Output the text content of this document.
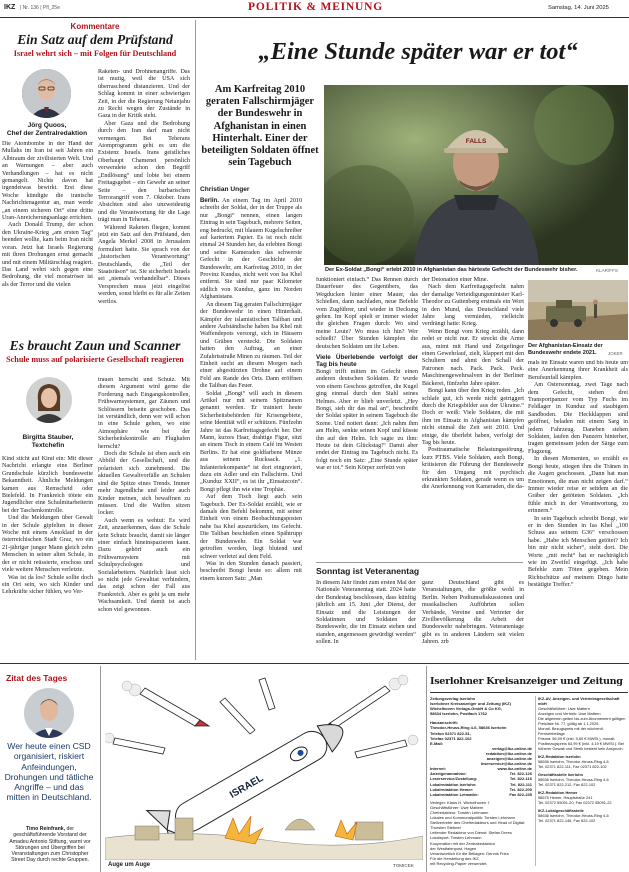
IKZ | Nr. 136 | Pfl_25e	POLITIK & MEINUNG	Samstag, 14. Juni 2025
Kommentare
Ein Satz auf dem Prüfstand
Israel wehrt sich – mit Folgen für Deutschland
Jörg Quoos,
Chef der Zentralredaktion

Die Atombombe in der Hand der Mullahs im Iran ist seit Jahren ein Albtraum der zivilisierten Welt. Und an Warnungen – aber auch Verhandlungen – hat es nicht gemangelt. Nichts davon hat irgendetwas bewirkt. Erst diese Woche kündigte die iranische Nachrichtenagentur an, man werde „an einem sicheren Ort“ eine dritte Uran-Anreicherungsanlage errichten.

Auch Donald Trump, der schon den Ukraine-Krieg „am ersten Tag“ beenden wollte, kam beim Iran nicht voran. Jetzt hat Israels Regierung mit ihren Drohungen ernst gemacht und mit einem Militärschlag reagiert. Das Land wehrt sich gegen eine Bedrohung, die viel monströser ist als der Terror und die vielen

Raketen- und Drohnenangriffe. Das ist mutig, weil die USA sich überraschend distanzieren. Und der Schlag kommt in einer schwierigen Zeit, in der die Regierung Netanjahu zu Recht wegen der Zustände in Gaza in der Kritik steht.

Aber Gaza und die Bedrohung durch den Iran darf man nicht vermengen. Bei Teherans Atomprogramm geht es um die Existenz Israels. Irans geistliches Oberhaupt Chamenei persönlich verwendete schon den Begriff „Endlösung“ und lobte bei einem Freitagsgebet – ein Gewehr an seiner Seite – den barbarischen Terrorangriff vom 7. Oktober. Irans Absichten sind also unzweideutig und die Verantwortung für die Lage trägt man in Teheran.

Während Raketen fliegen, kommt jetzt ein Satz auf den Prüfstand, den Angela Merkel 2008 in Jerusalem formuliert hatte. Sie sprach von der „historischen Verantwortung“ Deutschlands, die „Teil der Staatsräson“ ist. Sie sicherheit Israels sei „niemals verhandelbar“. Dieses Versprechen muss jetzt eingelöst werden, sonst bleibt es für alle Zeiten wertlos.

Es braucht Zaun und Scanner
Schule muss auf polarisierte Gesellschaft reagieren
Birgitta Stauber,
Textchefin

Kind sticht auf Kind ein: Mit dieser Nachricht erlangte eine Berliner Grundschule kürzlich bundesweite Bekanntheit. Ähnliche Meldungen kamen aus Remscheid oder Bielefeld. In Frankreich tötete ein Jugendlicher eine Schulmitarbeiterin bei der Taschenkontrolle.

Und die Meldungen über Gewalt in der Schule gipfelten in dieser Woche mit einem Amoklauf in der österreichischen Stadt Graz, wo ein 21-jähriger junger Mann gleich zehn Menschen in seiner alten Schule, in der er nicht reüssierte, erschoss und viele weitere Menschen verletzte.

Was ist da los? Schule sollte doch ein Ort sein, wo sich Kinder und Lehrkräfte sicher fühlen, wo Ver-

trauen herrscht und Schutz. Mit diesem Argument wird gerne die Forderung nach Eingangskontrollen, Frühwarnsystemen, gar Zäunen und Schlössern beiseite geschoben. Das ist verständlich, denn wer will schon in eine Schule gehen, wo eine Atmosphäre wie bei der Sicherheitskontrolle am Flughafen herrscht?

Doch die Schule ist eben auch ein Abbild der Gesellschaft, und die polarisiert sich zunehmend. Die aktuellen Gewaltvorfälle an Schulen sind die Spitze eines Trends. Immer mehr Jugendliche und leider auch Kinder meinen, sich bewaffnen zu müssen. Und die Waffen sitzen locker.

Auch wenn es wehtut: Es wird Zeit, anzuerkennen, dass die Schule kein Schutz braucht, damit sie länger einer einfach hineinspazieren kann. Dazu gehört auch ein Frühwarnsystem mit Schulpsychologen und Sozialarbeitern. Natürlich lässt sich so nicht jede Gewalttat verhindern, das zeigt schon der Fall aus Frankreich. Aber es geht ja um mehr Wachsamkeit. Und damit ist auch schon viel gewonnen.

„Eine Stunde später war er tot“
Am Karfreitag 2010 geraten Fallschirmjäger der Bundeswehr in Afghanistan in einen Hinterhalt. Einer der beteiligten Soldaten öffnet sein Tagebuch
Christian Unger
FALLS
Der Ex-Soldat „Bongi“ erlebt 2010 in Afghanistan das härteste Gefecht der Bundeswehr bisher.	KLAR/FFS

Berlin. An einem Tag im April 2010 schreibt der Soldat, der in der Truppe als nur „Bongi“ nennen, einen langen Eintrag in sein Tagebuch, mehrere Seiten, eng bedruckt, mit blauem Kugelschreiber auf kariertem Papier. Es ist noch nicht einmal 24 Stunden her, da erlebten Bongi und seine Kameraden das schwerste Gefecht in der Geschichte der Bundeswehr, am Karfreitag 2010, in der Provinz Kundus, nicht weit von Isa Khel entfernt. Sie sind nur paar Kilometer südlich von Kunduz, ganz im Norden Afghanistans.

An diesem Tag geraten Fallschirmjäger der Bundeswehr in einen Hinterhalt. Kämpfer der islamistischen Taliban und andere Aufständische haben Isa Khel mit Waffendepots versorgt, sich in Häusern und Gräben versteckt. Die Soldaten hatten den Auftrag, an einer Zufahrtsstraße Minen zu räumen. Teil der Einheit sucht an diesem Morgen nach einer abgestürzten Drohne auf einem Feld am Rande des Orts. Dann eröffnen die Taliban das Feuer.

Soldat „Bongi“ will auch in diesem Artikel nur mit seinem Spitznamen genannt werden. Er trainiert heute Sicherheitsbehörden für Krisengebiete, seine Identität will er schützen. Fünfzehn Jahre ist das Karfreitagsgefecht her. Der Mann, kurzes Haar, drahtige Figur, sitzt an einem Tisch in einem Café im Westen Berlins. Er hat eine goldfarbene Münze aus seinem Rucksack. „1. Infanteriekompanie“ ist dort eingraviert, dazu ein Adler und ein Fallschirm. Und „Kunduz XXII“, es ist ihr „Einsatzcoin“. Bongi pflegt ihn wie eine Trophäe.

Auf dem Tisch liegt auch sein Tagebuch. Der Ex-Soldat erzählt, wie er damals den Befehl bekommt, mit seiner Einheit von einem Beobachtungsposten nahe Isa Khel auszurücken, ins Gefecht. Die Taliban beschießen einen Spähtrupp der Bundeswehr. Ein Soldat war getroffen worden, liegt blutend und schwer verletzt auf dem Feld.

Was in den Stunden danach passiert, beschreibt Bongi heute so: allem mit einem kurzen Satz: „Man

funktioniert einfach.“ Das Rennen durch Dauerfeuer des Gegenübers, das Wegducken hinter einer Mauer, das Schießen, dann nachladen, neue Befehle vom Zugführer, und wieder in Deckung gehen. Im Kopf spielt er immer wieder die gleichen Fragen durch: Wo sind meine Leute? Wo muss ich hin? Wer schießt? Über Stunden kämpfen die deutschen Soldaten um ihr Leben.

Viele Überlebende verfolgt der Tag bis heute

Bongi trifft mitten im Gefecht einen anderen deutschen Soldaten. Er wurde von einem Geschoss getroffen, die Kugel ging einmal durch den Stahl seines Helmes. Aber er blieb unverletzt. „Hey Bongi, sieh dir das mal an“, beschreibt der Soldat später in seinem Tagebuch die Szene. Und notiert dann: „Ich nahm ihm am Helm, senkte seinen Kopf und küsste ihn auf den Helm. Ich sagte zu ihm: Heute ist dein Glückstag!“ Damit aber endet der Eintrag ins Tagebuch nicht. Es folgt noch ein Satz: „Eine Stunde später war er tot.“ Sein Körper zerfetzt von

der Detonation einer Mine.

Nach dem Karfreitagsgefecht nahm der damalige Verteidigungsminister Karl-Theodor zu Guttenberg erstmals ein Wort in den Mund, das Deutschland viele Jahre lang vermieden, vielleicht verdrängt hatte: Krieg.

Wenn Bongi vom Krieg erzählt, dann redet er nicht nur. Er streckt die Arme aus, mimt mit Hand und Zeigefinger einen Gewehrlauf, zielt, klappert mit den Schultern und ahmt den Schall der Patronen nach. Pack. Pack. Pack. Maschinengewehrsalven in der Berliner Bäckerei, fünfzehn Jahre später.

Bongi kann über den Krieg reden. „Ich schlafe gut, ich werde nicht getriggert durch die Kriegsbilder aus der Ukraine.“ Doch er weiß: Viele Soldaten, die mit ihm im Einsatz in Afghanistan kämpfen nicht einmal die Zeit seit 2010. Und einige, die überlebt haben, verfolgt der Tag bis heute.

Posttraumatische Belastungsstörung, kurz PTBS. Viele Soldaten, auch Bongi, kritisieren die Führung der Bundeswehr für den Umgang mit psychisch erkrankten Soldaten, gerade wenn es um die Anerkennung von Kameraden, die da-

Der Afghanistan-Einsatz der Bundeswehr endete 2021.	JOKER

mals im Einsatz waren und bis heute um eine Anerkennung ihrer Krankheit als Berufsunfall kämpfen.

Am Ostersonntag, zwei Tage nach dem Gefecht, stehen drei Transportpanzer vom Typ Fuchs im Feldlager in Kunduz auf staubigem Sandboden. Die Heckklappen sind geöffnet, beladen mit einem Sarg in jedem Fahrzeug. Daneben stehen Soldaten, laufen den Panzern hinterher, tragen gemeinsam jeden der Särge zum Flugzeug.

In diesen Momenten, so erzählt es Bongi heute, stiegen ihm die Tränen in die Augen geschossen. „Dann hat man Emotionen, die man nicht zeigen darf.“ Immer wieder reise er seitdem an die Gräber der getöteten Soldaten. „Ich fühle mich in der Verantwortung, zu erinnern.“

In sein Tagebuch schreibt Bongi, wie er in den Stunden in Isa Khel „100 Schuss aus seinem G36“ verschossen habe. „Habe ich Menschen getötet? Ich bin mir nicht sicher“, steht dort. Die Worte „mit recht“ hat er nachträglich wie im Zweifel eingefügt. „Ich habe Befehle zum Töten gegeben. Mein Richtschütze auf meinem Dingo hatte bestätigte Treffer.“

Sonntag ist Veteranentag
In diesem Jahr findet zum ersten Mal der Nationale Veteranentag statt. 2024 hatte der Bundestag beschlossen, dass künftig jährlich am 15. Juni „der Dienst, der Einsatz und die Leistungen der Soldatinnen und Soldaten der Bundeswehr, die im Einsatz stehen und standen, angemessen gewürdigt werden“ sollen. In
ganz Deutschland gibt es Veranstaltungen, die größte wohl in Berlin. Neben Podiumsdiskussionen und musikalischen Aufführten sollen Verbände, Vereine und Vertreter der Zivilbevölkerung die Arbeit der Bundeswehr nahebringen. Veteranentage gibt es in anderen Ländern seit vielen Jahren. zrb
Zitat des Tages
Wer heute einen CSD organisiert, riskiert Anfeindungen, Drohungen und tätliche Angriffe – und das mitten in Deutschland.
Timo Reinfrank, der geschäftsführende Vorstand der Amadeu Antonio Stiftung, warnt vor Störungen und Übergriffen bei Veranstaltungen zum Christopher Street Day durch rechte Gruppen.
ISRAEL
Auge um Auge	TOMICEK
Iserlohner Kreisanzeiger und Zeitung
Zeitungsverlag Iserlohn
Iserlohner Kreisanzeiger und Zeitung (IKZ)
Wichelhoven Verlags-GmbH & Co KG,
58634 Iserlohn, Postfach 1762
Hausanschrift:
Theodor-Heuss-Ring 4-6, 58636 Iserlohn
Telefon 02371 822-51,
Telefax 02371 822-102
E-Mail:
verlag@ikz-online.de
redaktion@ikz-online.de
anzeigen@ikz-online.de
leserservice@ikz-online.de
Internet:	www.ikz-online.de
Anzeigenannahme:	Tel. 822-126
Leserservice/Zustellung:	Tel. 822-116
Lokalredaktion Iserlohn:	Tel. 822-111
Lokalredaktion Hemer:	Tel. 822-200
Lokalredaktion Letmathe:	Fax 822-235
Verleger: Klaus H. Wichelhoven †
Geschäftsführer: Uwe Mattern
Chefredakteur: Torsten Lehmann
Lokales und Kommunalpolitik: Torsten Lehmann
Stellvertreter des Chefredakteurs und Head of Digital:
Thorsten Stebner
Leitender Redakteur von Dienst: Stefan Drees
Lokalsport: Torsten Lehmann
Kooperation mit der Zentralredaktion
der Westfalenpost, Hagen
Verantwortlich für die Beilagen: Dennis Fries
Für die Herstellung des IKZ
mit Recycling-Papier verwendet.
IKZ-AV, Anzeigen- und Vertriebsgesellschaft mbH
Geschäftsführer: Uwe Mattern
Anzeigen und Vertrieb: Uwe Mattern
Die allgemein gelten bis zum Abonnement gültigen
Preisliste Nr. 77, gültig ab 1.1.2025.
Monatl. Bezugspreis mit der wöchentl. Fernsehbeilage
Prisma: 56,99 € (inkl. 5,60 € MWSt.), monatl.
Postbezugspreis 63,99 € (inkl. 4,19 € MWSt.). Bei
höherer Gewalt und Streik besteht kein Anspruch.
IKZ-Redaktion Iserlohn
58636 Iserlohn, Theodor-Heuss-Ring 4-6
Tel. 02371 822-111, Fax 02371 822-102
Geschäftsstelle Iserlohn
58636 Iserlohn, Theodor-Heuss-Ring 4-6
Tel. 02371 822-212, Fax 822-102
IKZ-Redaktion Hemer
58675 Hemer, Hauptstraße 241
Tel. 02372 55091-20, Fax 02372 55091-22
IKZ-Lokalgeschäftsstelle
58636 Iserlohn, Theodor-Heuss-Ring 4-6
Tel. 02371 822-146, Fax 822-102
